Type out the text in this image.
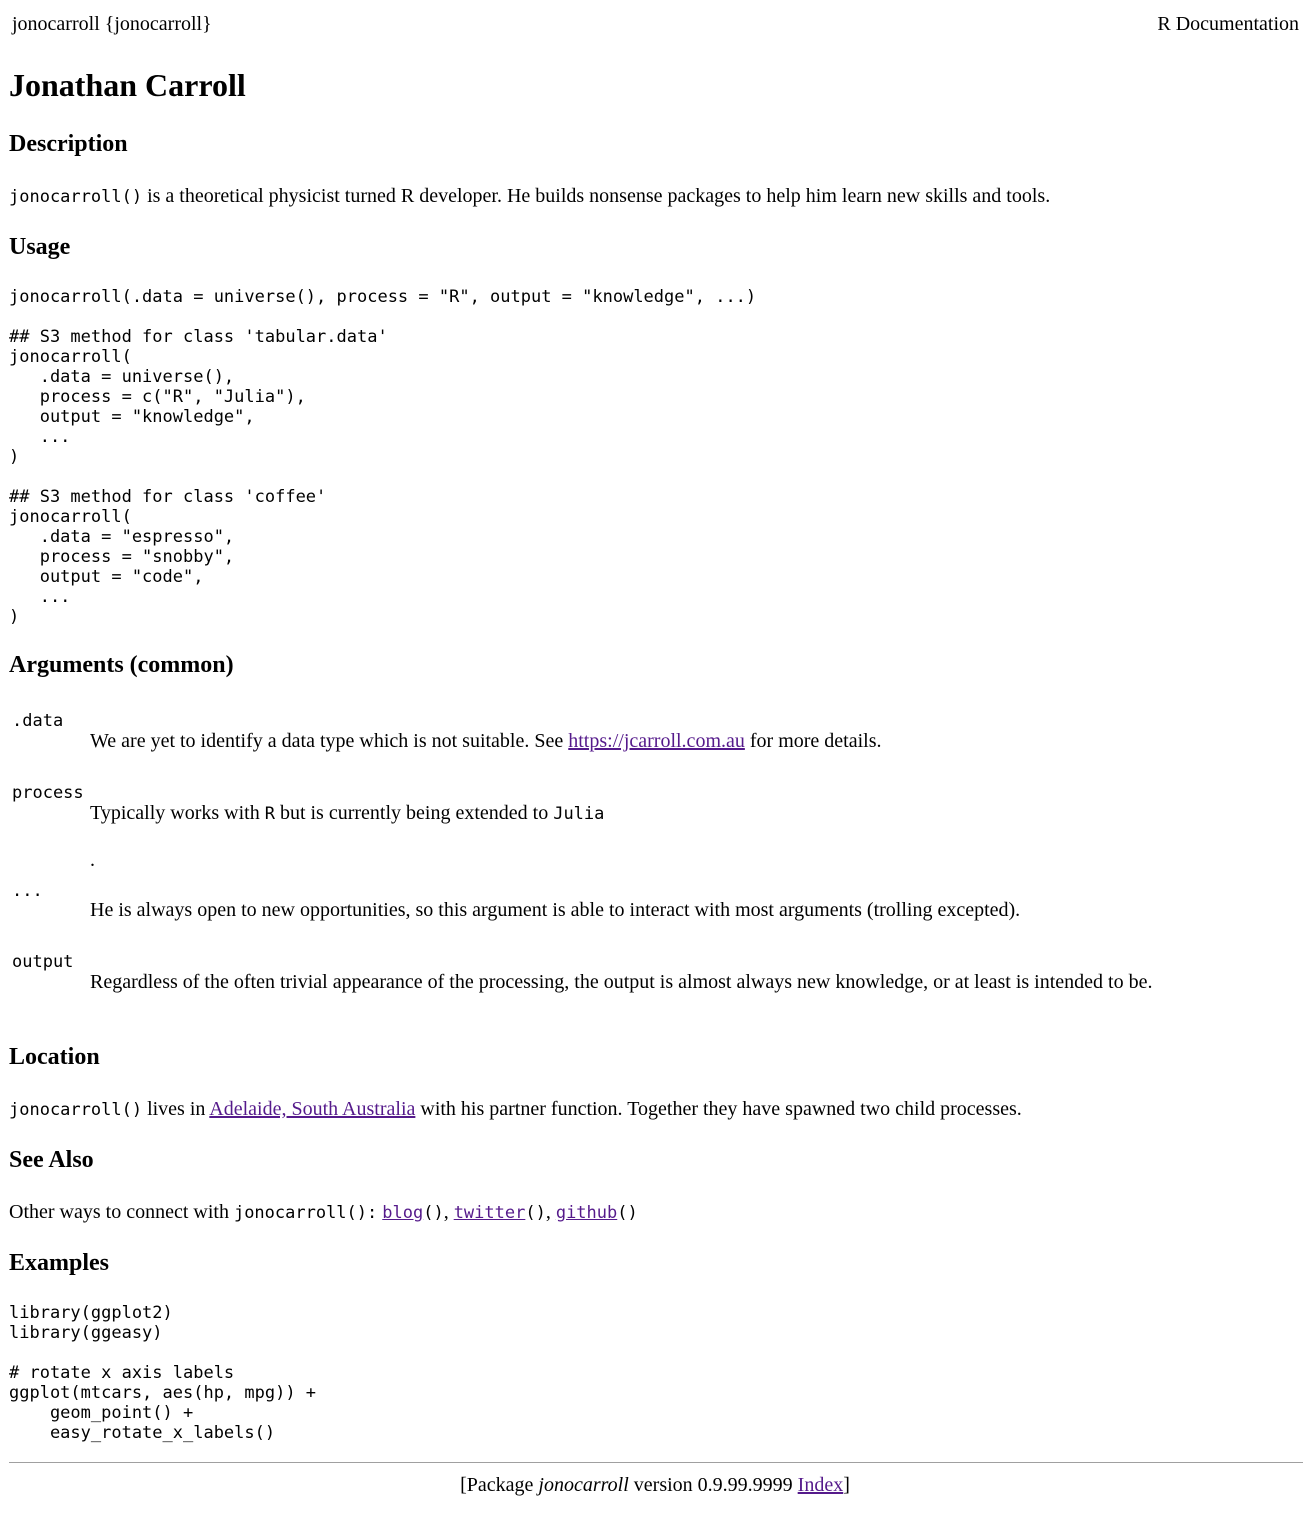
jonocarroll {jonocarroll}	R Documentation
Jonathan Carroll
Description

jonocarroll() is a theoretical physicist turned R developer. He builds nonsense packages to help him learn new skills and tools.

Usage
jonocarroll(.data = universe(), process = "R", output = "knowledge", ...)

## S3 method for class 'tabular.data'
jonocarroll(
.data = universe(),
process = c("R", "Julia"),
output = "knowledge",
...
)

## S3 method for class 'coffee'
jonocarroll(
.data = "espresso",
process = "snobby",
output = "code",
...
)
Arguments (common)
.data
We are yet to identify a data type which is not suitable. See https://jcarroll.com.au for more details.
process
Typically works with R but is currently being extended to Julia
.
...
He is always open to new opportunities, so this argument is able to interact with most arguments (trolling excepted).
output
Regardless of the often trivial appearance of the processing, the output is almost always new knowledge, or at least is intended to be.
Location

jonocarroll() lives in Adelaide, South Australia with his partner function. Together they have spawned two child processes.

See Also

Other ways to connect with jonocarroll(): blog(), twitter(), github()

Examples
library(ggplot2)
library(ggeasy)

# rotate x axis labels
ggplot(mtcars, aes(hp, mpg)) +
geom_point() +
easy_rotate_x_labels()
[Package jonocarroll version 0.9.99.9999 Index]
